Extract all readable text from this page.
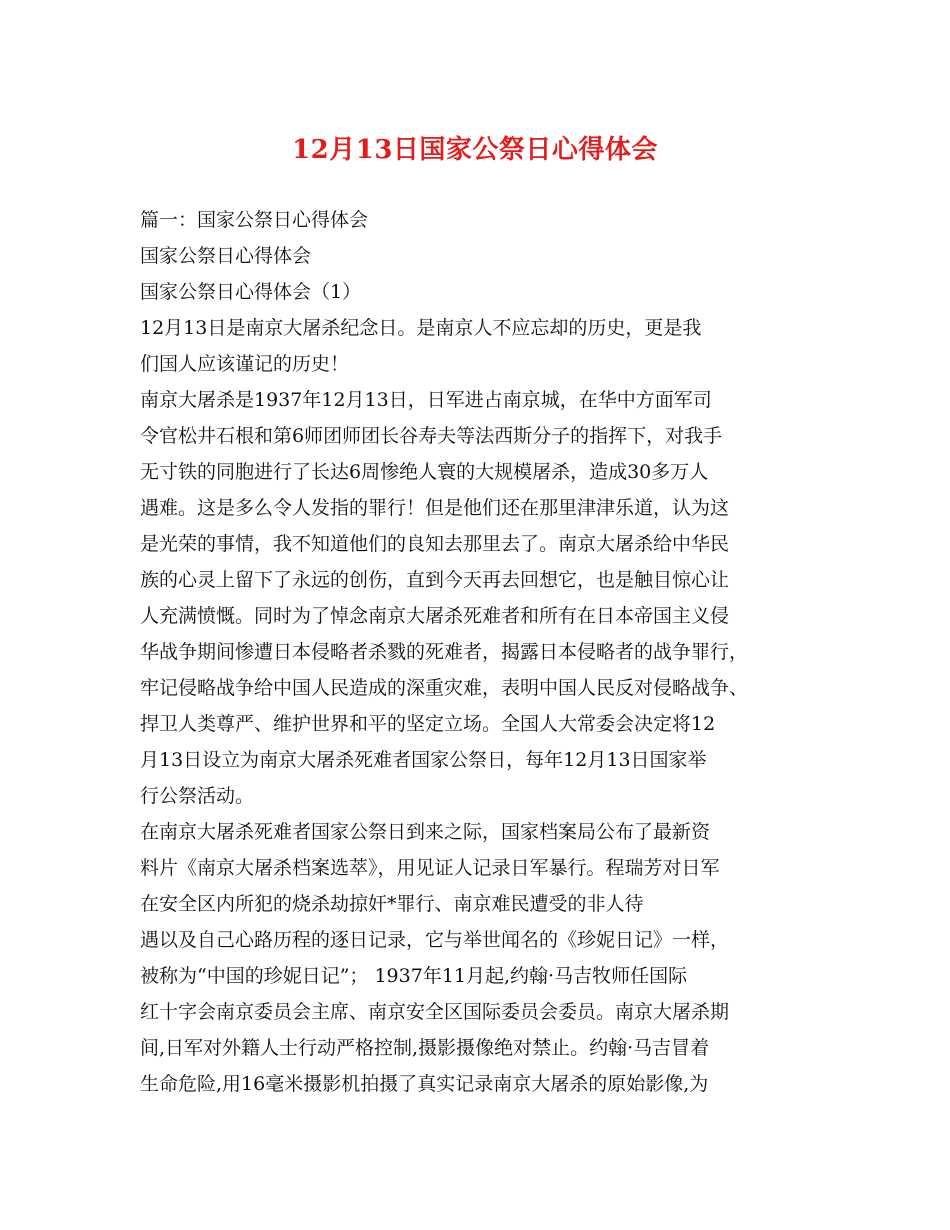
12月13日国家公祭日心得体会
篇一：国家公祭日心得体会
国家公祭日心得体会
国家公祭日心得体会（1）
12月13日是南京大屠杀纪念日。是南京人不应忘却的历史，更是我
们国人应该谨记的历史！
南京大屠杀是1937年12月13日，日军进占南京城，在华中方面军司
令官松井石根和第6师团师团长谷寿夫等法西斯分子的指挥下，对我手
无寸铁的同胞进行了长达6周惨绝人寰的大规模屠杀，造成30多万人
遇难。这是多么令人发指的罪行！但是他们还在那里津津乐道，认为这
是光荣的事情，我不知道他们的良知去那里去了。南京大屠杀给中华民
族的心灵上留下了永远的创伤，直到今天再去回想它，也是触目惊心让
人充满愤慨。同时为了悼念南京大屠杀死难者和所有在日本帝国主义侵
华战争期间惨遭日本侵略者杀戮的死难者，揭露日本侵略者的战争罪行，
牢记侵略战争给中国人民造成的深重灾难，表明中国人民反对侵略战争、
捍卫人类尊严、维护世界和平的坚定立场。全国人大常委会决定将12
月13日设立为南京大屠杀死难者国家公祭日，每年12月13日国家举
行公祭活动。
在南京大屠杀死难者国家公祭日到来之际，国家档案局公布了最新资
料片《南京大屠杀档案选萃》，用见证人记录日军暴行。程瑞芳对日军
在安全区内所犯的烧杀劫掠奸*罪行、南京难民遭受的非人待
遇以及自己心路历程的逐日记录，它与举世闻名的《珍妮日记》一样，
被称为“中国的珍妮日记”； 1937年11月起,约翰·马吉牧师任国际
红十字会南京委员会主席、南京安全区国际委员会委员。南京大屠杀期
间,日军对外籍人士行动严格控制,摄影摄像绝对禁止。约翰·马吉冒着
生命危险,用16毫米摄影机拍摄了真实记录南京大屠杀的原始影像,为
